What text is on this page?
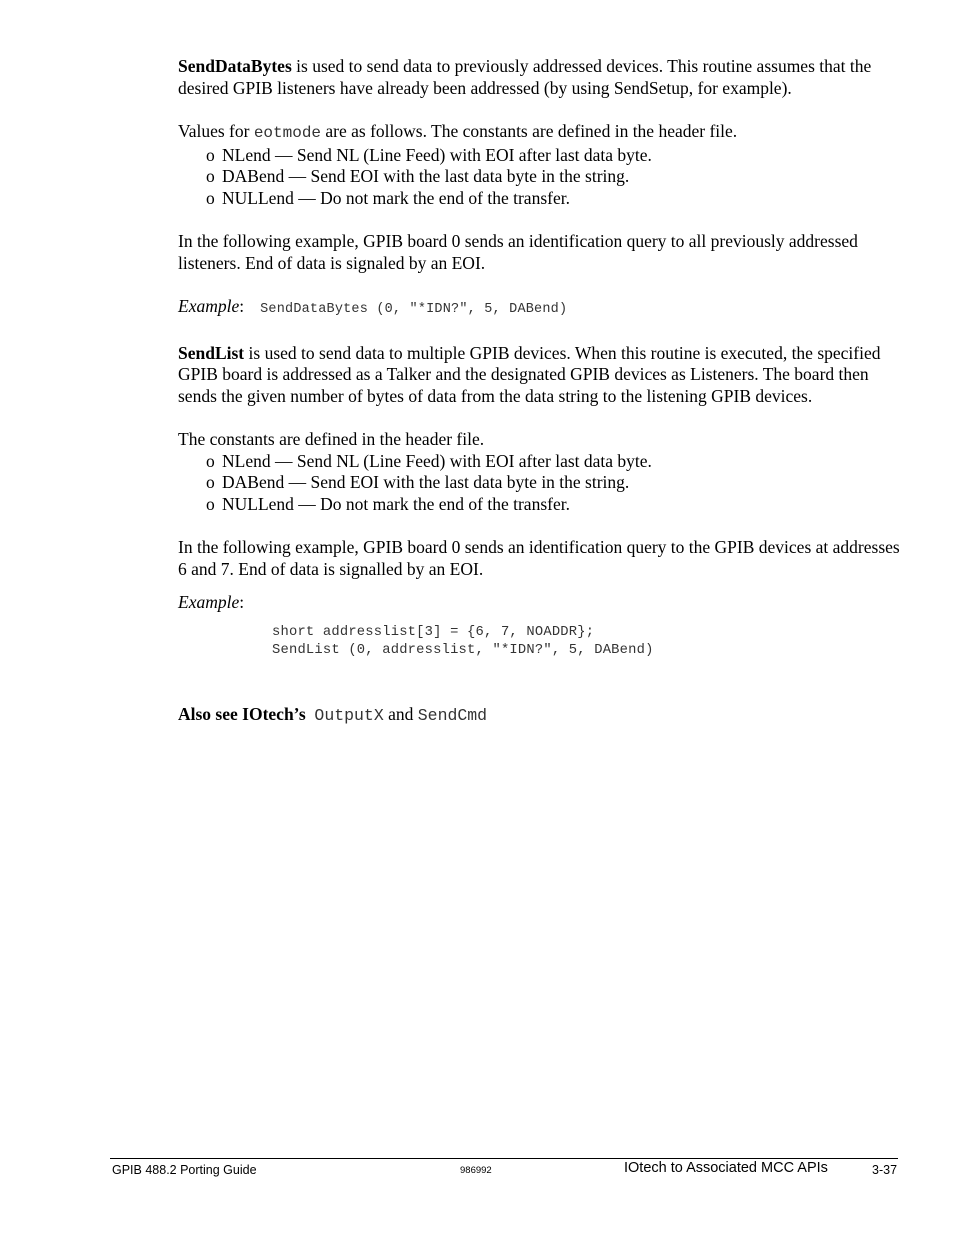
SendDataBytes is used to send data to previously addressed devices. This routine assumes that the desired GPIB listeners have already been addressed (by using SendSetup, for example).

Values for eotmode are as follows. The constants are defined in the header file.

o NLend — Send NL (Line Feed) with EOI after last data byte.
o DABend — Send EOI with the last data byte in the string.
o NULLend — Do not mark the end of the transfer.

In the following example, GPIB board 0 sends an identification query to all previously addressed listeners. End of data is signaled by an EOI.

Example: SendDataBytes (0, "*IDN?", 5, DABend)

SendList is used to send data to multiple GPIB devices. When this routine is executed, the specified GPIB board is addressed as a Talker and the designated GPIB devices as Listeners. The board then sends the given number of bytes of data from the data string to the listening GPIB devices.

The constants are defined in the header file.

o NLend — Send NL (Line Feed) with EOI after last data byte.
o DABend — Send EOI with the last data byte in the string.
o NULLend — Do not mark the end of the transfer.

In the following example, GPIB board 0 sends an identification query to the GPIB devices at addresses 6 and 7. End of data is signalled by an EOI.

Example:

short addresslist[3] = {6, 7, NOADDR};
SendList (0, addresslist, "*IDN?", 5, DABend)

Also see IOtech’s OutputX and SendCmd

GPIB 488.2 Porting Guide	986992	IOtech to Associated MCC APIs	3-37
